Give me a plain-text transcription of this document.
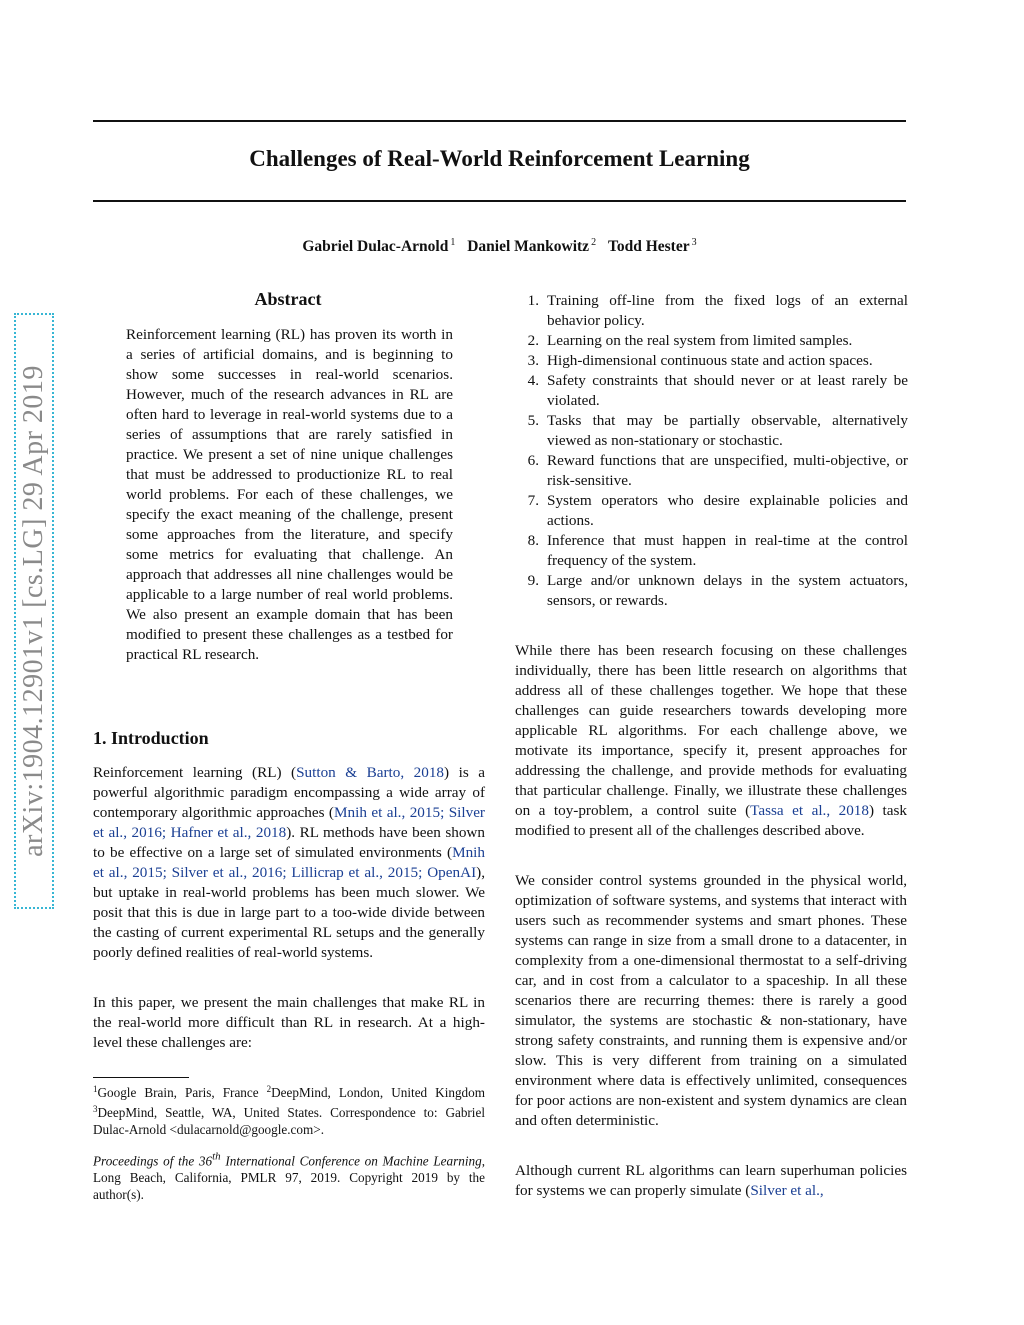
arXiv:1904.12901v1 [cs.LG] 29 Apr 2019
Challenges of Real-World Reinforcement Learning
Gabriel Dulac-Arnold $^1$ Daniel Mankowitz $^2$ Todd Hester $^3$
Abstract

Reinforcement learning (RL) has proven its worth in a series of artificial domains, and is beginning to show some successes in real-world scenarios. However, much of the research advances in RL are often hard to leverage in real-world systems due to a series of assumptions that are rarely satisfied in practice. We present a set of nine unique challenges that must be addressed to productionize RL to real world problems. For each of these challenges, we specify the exact meaning of the challenge, present some approaches from the literature, and specify some metrics for evaluating that challenge. An approach that addresses all nine challenges would be applicable to a large number of real world problems. We also present an example domain that has been modified to present these challenges as a testbed for practical RL research.

1. Introduction

Reinforcement learning (RL) (Sutton & Barto, 2018) is a powerful algorithmic paradigm encompassing a wide array of contemporary algorithmic approaches (Mnih et al., 2015; Silver et al., 2016; Hafner et al., 2018). RL methods have been shown to be effective on a large set of simulated environments (Mnih et al., 2015; Silver et al., 2016; Lillicrap et al., 2015; OpenAI), but uptake in real-world problems has been much slower. We posit that this is due in large part to a too-wide divide between the casting of current experimental RL setups and the generally poorly defined realities of real-world systems.

In this paper, we present the main challenges that make RL in the real-world more difficult than RL in research. At a high-level these challenges are:

$^1$Google Brain, Paris, France $^2$DeepMind, London, United Kingdom $^3$DeepMind, Seattle, WA, United States. Correspondence to: Gabriel Dulac-Arnold <dulacarnold@google.com>.

Proceedings of the 36th International Conference on Machine Learning, Long Beach, California, PMLR 97, 2019. Copyright 2019 by the author(s).

1. Training off-line from the fixed logs of an external behavior policy.
2. Learning on the real system from limited samples.
3. High-dimensional continuous state and action spaces.
4. Safety constraints that should never or at least rarely be violated.
5. Tasks that may be partially observable, alternatively viewed as non-stationary or stochastic.
6. Reward functions that are unspecified, multi-objective, or risk-sensitive.
7. System operators who desire explainable policies and actions.
8. Inference that must happen in real-time at the control frequency of the system.
9. Large and/or unknown delays in the system actuators, sensors, or rewards.

While there has been research focusing on these challenges individually, there has been little research on algorithms that address all of these challenges together. We hope that these challenges can guide researchers towards developing more applicable RL algorithms. For each challenge above, we motivate its importance, specify it, present approaches for addressing the challenge, and provide methods for evaluating that particular challenge. Finally, we illustrate these challenges on a toy-problem, a control suite (Tassa et al., 2018) task modified to present all of the challenges described above.

We consider control systems grounded in the physical world, optimization of software systems, and systems that interact with users such as recommender systems and smart phones. These systems can range in size from a small drone to a datacenter, in complexity from a one-dimensional thermostat to a self-driving car, and in cost from a calculator to a spaceship. In all these scenarios there are recurring themes: there is rarely a good simulator, the systems are stochastic & non-stationary, have strong safety constraints, and running them is expensive and/or slow. This is very different from training on a simulated environment where data is effectively unlimited, consequences for poor actions are non-existent and system dynamics are clean and often deterministic.

Although current RL algorithms can learn superhuman policies for systems we can properly simulate (Silver et al.,
